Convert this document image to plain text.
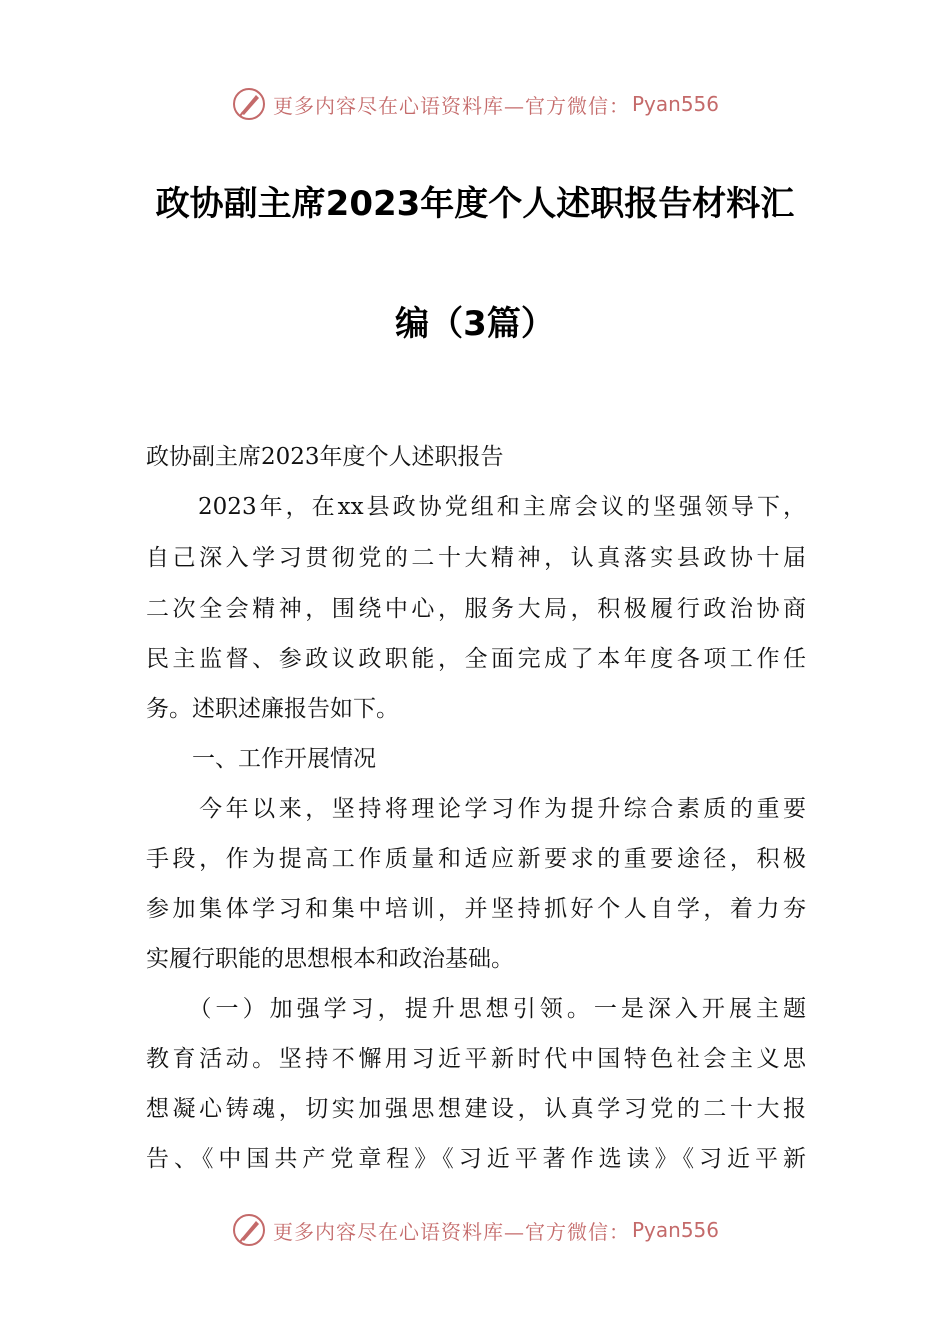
更多内容尽在心语资料库—官方微信： Pyan556
政协副主席2023年度个人述职报告材料汇
编（3篇）
政协副主席2023年度个人述职报告
　　2023年，在xx县政协党组和主席会议的坚强领导下，
自己深入学习贯彻党的二十大精神，认真落实县政协十届
二次全会精神，围绕中心，服务大局，积极履行政治协商
民主监督、参政议政职能，全面完成了本年度各项工作任
务。述职述廉报告如下。
　　一、工作开展情况
　　今年以来，坚持将理论学习作为提升综合素质的重要
手段，作为提高工作质量和适应新要求的重要途径，积极
参加集体学习和集中培训，并坚持抓好个人自学，着力夯
实履行职能的思想根本和政治基础。
　　（一）加强学习，提升思想引领。一是深入开展主题
教育活动。坚持不懈用习近平新时代中国特色社会主义思
想凝心铸魂，切实加强思想建设，认真学习党的二十大报
告、《中国共产党章程》《习近平著作选读》《习近平新
更多内容尽在心语资料库—官方微信： Pyan556
